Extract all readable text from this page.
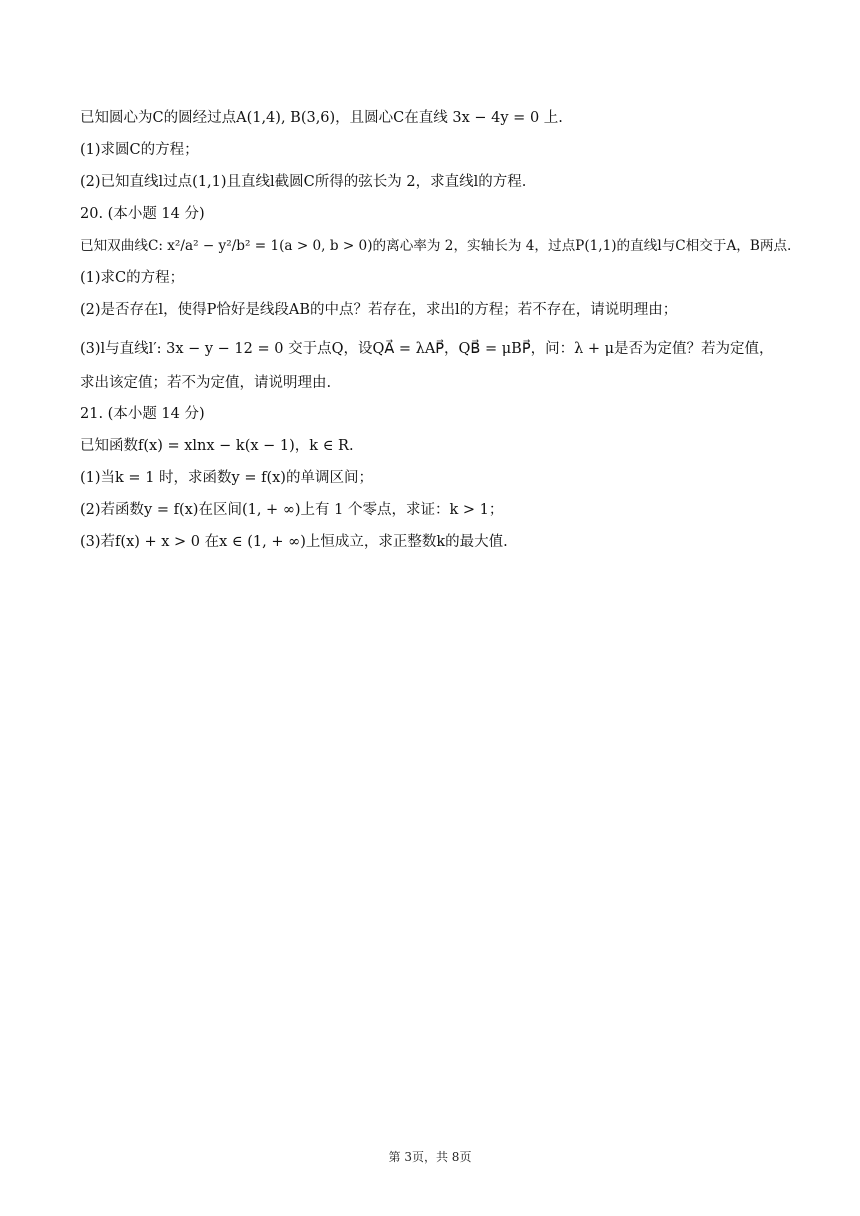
已知圆心为C的圆经过点A(1,4), B(3,6)，且圆心C在直线 3x − 4y = 0 上.

(1)求圆C的方程；

(2)已知直线l过点(1,1)且直线l截圆C所得的弦长为 2，求直线l的方程.

20. (本小题 14 分)

已知双曲线C: x²/a² − y²/b² = 1(a > 0, b > 0)的离心率为 2，实轴长为 4，过点P(1,1)的直线l与C相交于A，B两点.

(1)求C的方程；

(2)是否存在l，使得P恰好是线段AB的中点？若存在，求出l的方程；若不存在，请说明理由；

(3)l与直线l′: 3x − y − 12 = 0 交于点Q，设QA⃗ = λAP⃗，QB⃗ = μBP⃗，问：λ + μ是否为定值？若为定值，求出该定值；若不为定值，请说明理由.

21. (本小题 14 分)

已知函数f(x) = xlnx − k(x − 1)，k ∈ R.

(1)当k = 1 时，求函数y = f(x)的单调区间；

(2)若函数y = f(x)在区间(1, + ∞)上有 1 个零点，求证：k > 1；

(3)若f(x) + x > 0 在x ∈ (1, + ∞)上恒成立，求正整数k的最大值.

第 3页，共 8页
